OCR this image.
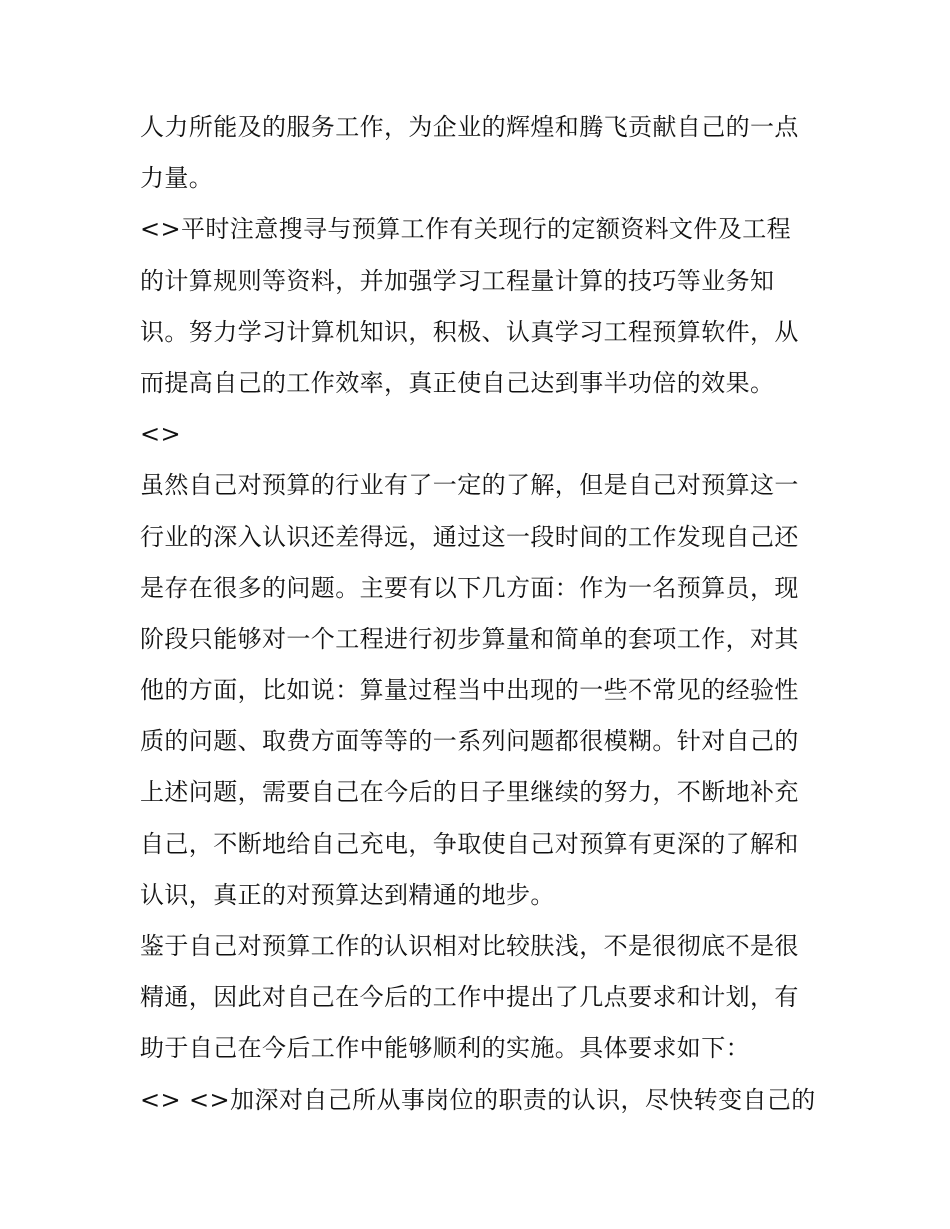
人力所能及的服务工作，为企业的辉煌和腾飞贡献自己的一点
力量。
<>平时注意搜寻与预算工作有关现行的定额资料文件及工程
的计算规则等资料，并加强学习工程量计算的技巧等业务知
识。努力学习计算机知识，积极、认真学习工程预算软件，从
而提高自己的工作效率，真正使自己达到事半功倍的效果。
<>
虽然自己对预算的行业有了一定的了解，但是自己对预算这一
行业的深入认识还差得远，通过这一段时间的工作发现自己还
是存在很多的问题。主要有以下几方面：作为一名预算员，现
阶段只能够对一个工程进行初步算量和简单的套项工作，对其
他的方面，比如说：算量过程当中出现的一些不常见的经验性
质的问题、取费方面等等的一系列问题都很模糊。针对自己的
上述问题，需要自己在今后的日子里继续的努力，不断地补充
自己，不断地给自己充电，争取使自己对预算有更深的了解和
认识，真正的对预算达到精通的地步。
鉴于自己对预算工作的认识相对比较肤浅，不是很彻底不是很
精通，因此对自己在今后的工作中提出了几点要求和计划，有
助于自己在今后工作中能够顺利的实施。具体要求如下：
<> <>加深对自己所从事岗位的职责的认识，尽快转变自己的
